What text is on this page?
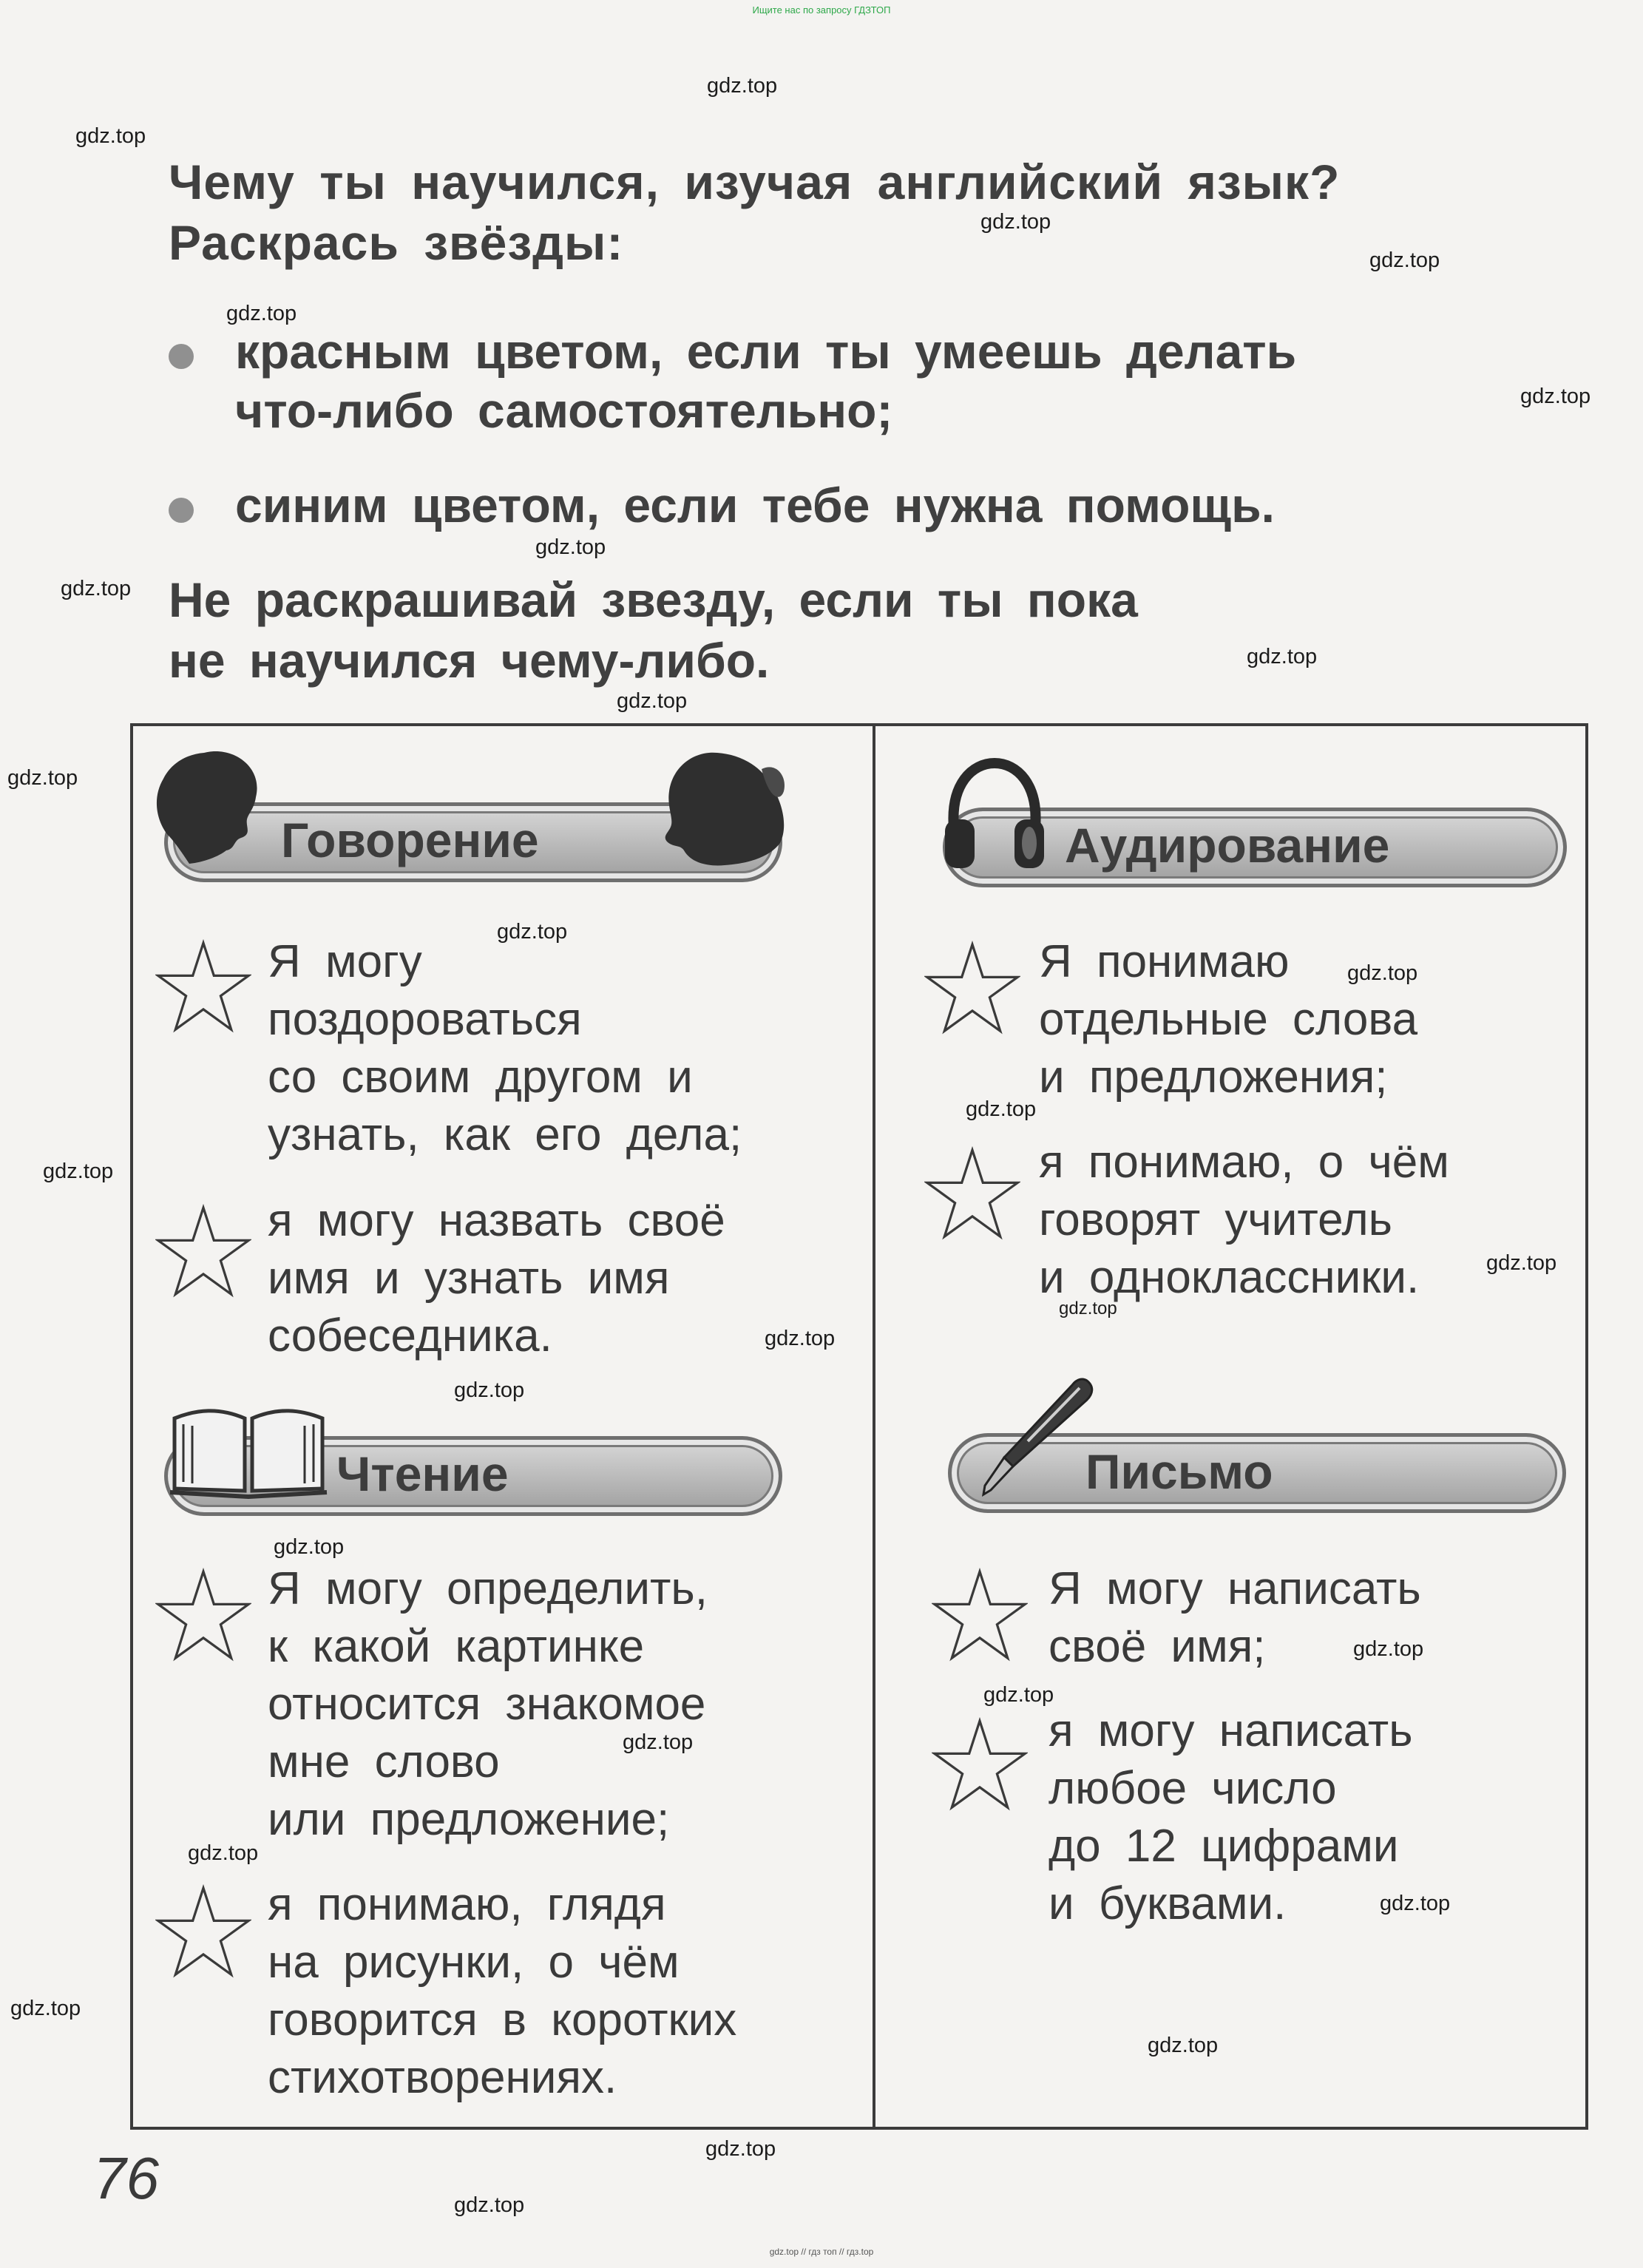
Ищите нас по запросу ГДЗТОП

Чему ты научился, изучая английский язык?

Раскрась звёзды:

красным цветом, если ты умеешь делать
что-либо самостоятельно;
синим цветом, если тебе нужна помощь.

Не раскрашивай звезду, если ты пока

не научился чему-либо.

Говорение

Я могу

поздороваться

со своим другом и

узнать, как его дела;

я могу назвать своё

имя и узнать имя

собеседника.

Аудирование

Я понимаю

отдельные слова

и предложения;

я понимаю, о чём

говорят учитель

и одноклассники.

Чтение

Я могу определить,

к какой картинке

относится знакомое

мне слово

или предложение;

я понимаю, глядя

на рисунки, о чём

говорится в коротких

стихотворениях.

Письмо

Я могу написать

своё имя;

я могу написать

любое число

до 12 цифрами

и буквами.

76
gdz.top
gdz.top
gdz.top
gdz.top
gdz.top
gdz.top
gdz.top
gdz.top
gdz.top
gdz.top
gdz.top
gdz.top
gdz.top
gdz.top
gdz.top
gdz.top
gdz.top
gdz.top
gdz.top
gdz.top
gdz.top
gdz.top
gdz.top
gdz.top
gdz.top
gdz.top
gdz.top
gdz.top
gdz.top
gdz.top // гдз топ // гдз.top
